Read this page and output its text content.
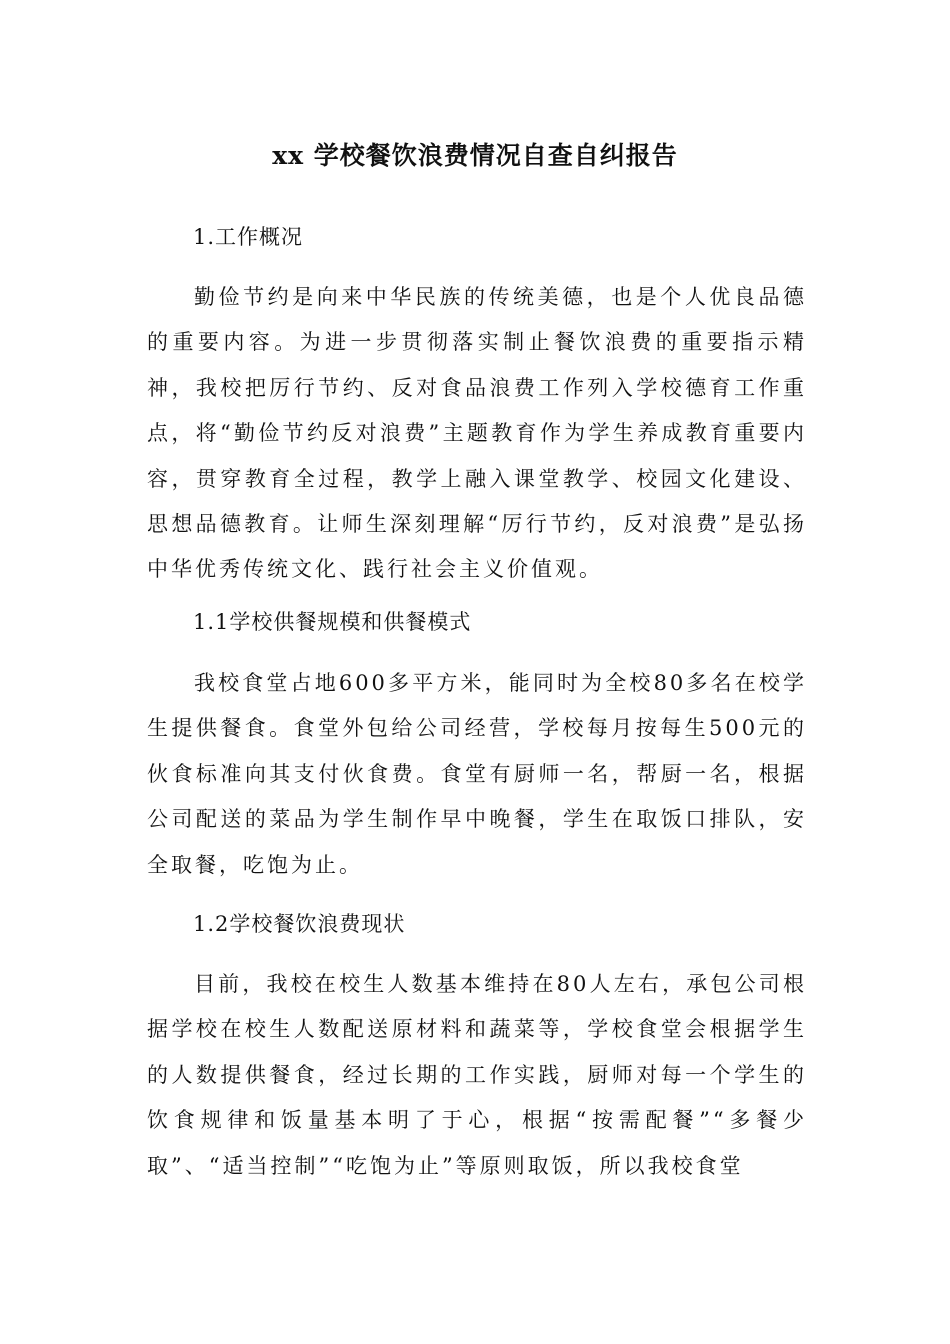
xx 学校餐饮浪费情况自查自纠报告

1.工作概况

勤俭节约是向来中华民族的传统美德，也是个人优良品德的重要内容。为进一步贯彻落实制止餐饮浪费的重要指示精神，我校把厉行节约、反对食品浪费工作列入学校德育工作重点，将“勤俭节约反对浪费”主题教育作为学生养成教育重要内容，贯穿教育全过程，教学上融入课堂教学、校园文化建设、思想品德教育。让师生深刻理解“厉行节约，反对浪费”是弘扬中华优秀传统文化、践行社会主义价值观。

1.1学校供餐规模和供餐模式

我校食堂占地600多平方米，能同时为全校80多名在校学生提供餐食。食堂外包给公司经营，学校每月按每生500元的伙食标准向其支付伙食费。食堂有厨师一名，帮厨一名，根据公司配送的菜品为学生制作早中晚餐，学生在取饭口排队，安全取餐，吃饱为止。

1.2学校餐饮浪费现状

目前，我校在校生人数基本维持在80人左右，承包公司根据学校在校生人数配送原材料和蔬菜等，学校食堂会根据学生的人数提供餐食，经过长期的工作实践，厨师对每一个学生的饮食规律和饭量基本明了于心，根据“按需配餐”“多餐少取”、“适当控制”“吃饱为止”等原则取饭，所以我校食堂
